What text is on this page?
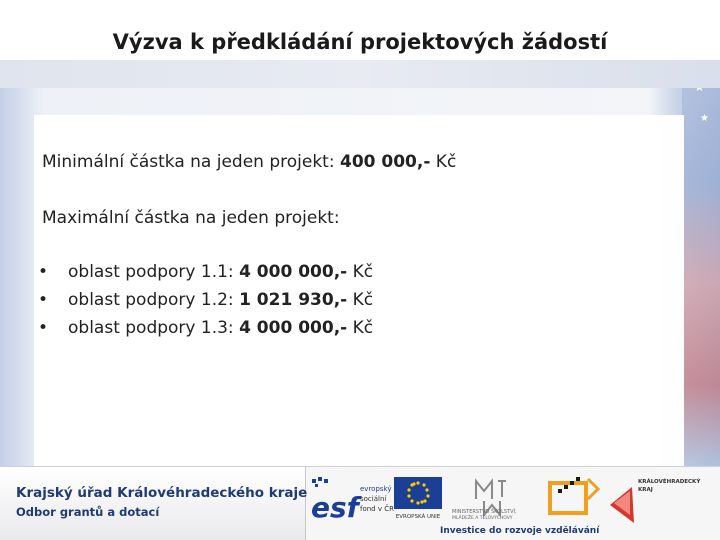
★
Výzva k předkládání projektových žádostí
Minimální částka na jeden projekt: 400 000,- Kč
Maximální částka na jeden projekt:
• oblast podpory 1.1: 4 000 000,- Kč
• oblast podpory 1.2: 1 021 930,- Kč
• oblast podpory 1.3: 4 000 000,- Kč
Krajský úřad Královéhradeckého kraje
Odbor grantů a dotací	esf
evropský
sociální
fond v ČR
EVROPSKÁ UNIE
MINISTERSTVO ŠKOLSTVÍ,
MLÁDEŽE A TĚLOVÝCHOVY
Investice do rozvoje vzdělávání
KRÁLOVÉHRADECKÝ
KRAJ
